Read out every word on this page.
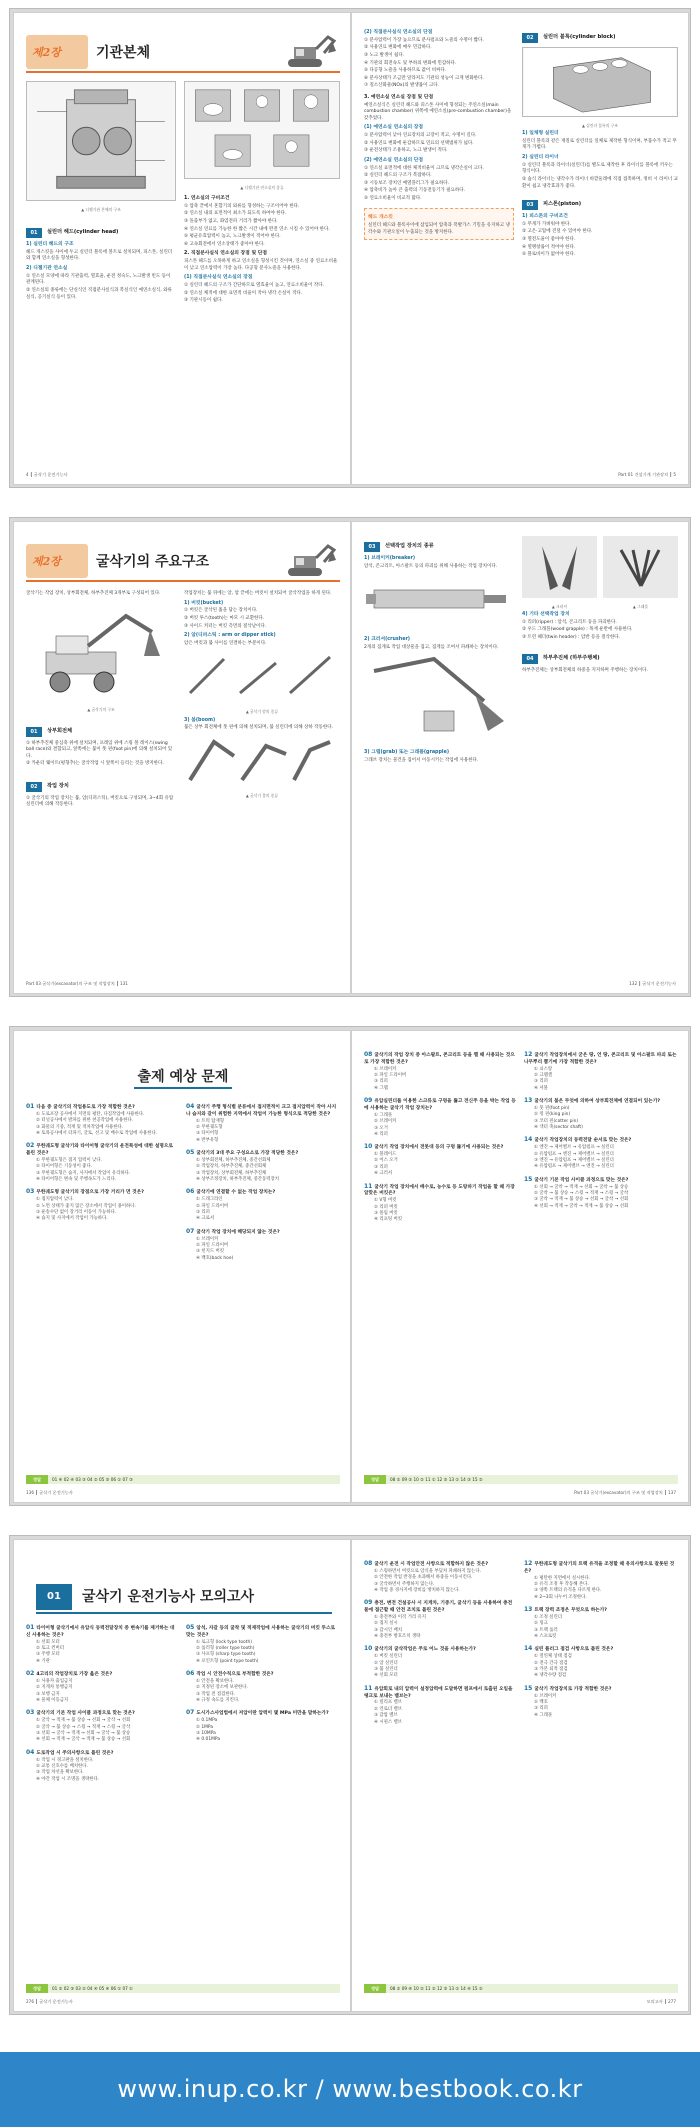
제2장	기관본체
▲ 디젤기관 본체의 구조
01	실린더 헤드(cylinder head)
1) 실린더 헤드의 구조
헤드 개스킷을 사이에 두고 실린더 블록에 볼트로 설치되며, 피스톤, 실린더와 함께 연소실을 형성한다.
2) 디젤기관 연소실
① 연소실 모양에 따라 기관출력, 열효율, 운전 정숙도, 노크발생 빈도 등이 관계된다.
② 연소실의 종류에는 단실식인 직접분사실식과 복실식인 예연소실식, 와류실식, 공기실식 등이 있다.
▲ 디젤기관 연소실의 종류
1. 연소실의 구비조건
① 압축 끝에서 혼합기의 와류를 형성하는 구조이어야 한다.
② 연소실 내의 표면적이 최소가 되도록 하여야 한다.
③ 돌출부가 없고, 화염전파 거리가 짧아야 한다.
④ 연소실 연료를 가능한 한 짧은 시간 내에 완전 연소 시킬 수 있어야 한다.
⑤ 평균유효압력이 높고, 노크발생이 적어야 한다.
⑥ 고속회전에서 연소상태가 좋아야 한다.
2. 직접분사실식 연소실의 장점 및 단점
피스톤 헤드를 오목하게 하고 연소실을 형성시킨 것이며, 연소실 중 연료소비율이 낮고 연소압력이 가장 높다. 다공형 분사노즐을 사용한다.
(1) 직접분사실식 연소실의 장점
① 실린더 헤드의 구조가 간단하므로 열효율이 높고, 연료소비율이 작다.
② 연소실 체적에 대한 표면적 비율이 작아 냉각 손실이 작다.
③ 기관시동이 쉽다.
4 ┃ 굴삭기 운전기능사
(2) 직접분사실식 연소실의 단점
① 분사압력이 가장 높으므로 분사펌프와 노즐의 수명이 짧다.
② 사용연료 변화에 매우 민감하다.
③ 노크 발생이 쉽다.
④ 기관의 회전속도 및 부하의 변화에 민감하다.
⑤ 다공형 노즐을 사용하므로 값이 비싸다.
⑥ 분사상태가 조금만 달라져도 기관의 성능이 크게 변화한다.
⑦ 질소산화물(NOx)의 발생률이 크다.
3. 예연소실 연소실 장점 및 단점
예연소실식은 실린더 헤드와 피스톤 사이에 형성되는 주연소실(main combustion chamber) 위쪽에 예연소실(pre-combustion chamber)을 갖추었다.
(1) 예연소실 연소실의 장점
① 분사압력이 낮아 연료장치의 고장이 적고, 수명이 길다.
② 사용연료 변화에 둔감하므로 연료의 선택범위가 넓다.
③ 운전상태가 조용하고, 노크 발생이 적다.
(2) 예연소실 연소실의 단점
① 연소실 표면적에 대한 체적비율이 크므로 냉각손실이 크다.
② 실린더 헤드의 구조가 복잡하다.
③ 시동보조 장치인 예열플러그가 필요하다.
④ 압축비가 높아 큰 출력의 기동전동기가 필요하다.
⑤ 연료소비율이 비교적 많다.
헤드 개스킷
실린더 헤드와 블록사이에 삽입되어 압축과 폭발가스 기밀을 유지하고 냉각수와 기관오일이 누출되는 것을 방지한다.
02	실린더 블록(cylinder block)
▲ 실린더 블록의 구조
1) 일체형 실린더
실린더 블록과 같은 재질로 실린더를 일체로 제작한 형식이며, 부품수가 적고 무게가 가볍다.
2) 실린더 라이너
① 실린더 블록과 라이너(실린더)를 별도로 제작한 후 라이너를 블록에 끼우는 형식이다.
② 습식 라이너는 냉각수가 라이너 바깥둘레에 직접 접촉하며, 정비 시 라이너 교환이 쉽고 냉각효과가 좋다.
03	피스톤(piston)
1) 피스톤의 구비조건
① 무게가 가벼워야 한다.
② 고온·고압에 견딜 수 있어야 한다.
③ 열전도율이 좋아야 한다.
④ 열팽창률이 적어야 한다.
⑤ 블로바이가 없어야 한다.
Part 01 건설기계 기관장치 ┃ 5
제2장	굴삭기의 주요구조
굴삭기는 작업 장치, 상부회전체, 하부추진체 3개부로 구성되어 있다.
▲ 굴삭기의 구조
01	상부회전체
① 하부추진체 중심축 위에 설치되며, 프레임 위에 스윙 볼 레이스(swing ball race)와 결합되고, 앞쪽에는 붐이 풋 핀(foot pin)에 의해 설치되어 있다.
② 카운터 웨이트(평형추)는 굴삭작업 시 앞쪽이 들리는 것을 방지한다.
02	작업 장치
① 굴삭기의 작업 장치는 붐, 암(디퍼스틱), 버킷으로 구성되며, 3~4회 유압 실린더에 의해 작동한다.
작업장치는 붐 뒤에는 암, 암 끝에는 버킷이 설치되어 굴삭작업을 하게 된다.
1) 버킷(bucket)
① 버킷은 굴삭된 흙을 담는 장치이다.
② 버킷 투스(tooth)는 마모 시 교환한다.
③ 사이드 커터는 버킷 측면의 절삭날이다.
2) 암(디퍼스틱 : arm or dipper stick)
암은 버킷과 붐 사이를 연결하는 부분이다.
▲ 굴삭기 암의 종류
3) 붐(boom)
붐은 상부 회전체에 풋 핀에 의해 설치되며, 붐 실린더에 의해 상하 작동한다.
▲ 굴삭기 붐의 종류
Part 03 굴삭기(excavator)의 구조 및 작업장치 ┃ 131
03	선택작업 장치의 종류
1) 브레이커(breaker)
암석, 콘크리트, 아스팔트 등의 파괴를 위해 사용하는 작업 장치이다.
2) 크러셔(crusher)
2개의 집게로 작업 대상물을 집고, 집게를 조여서 파쇄하는 장치이다.
3) 그랩(grab) 또는 그래플(grapple)
그래브 장치는 물건을 집어서 이동시키는 작업에 사용한다.
▲ 크러셔	▲ 그래플
4) 기타 선택작업 장치
① 리퍼(ripper) : 암석, 콘크리트 등을 파괴한다.
② 우드 그래플(wood grapple) : 목재 운반에 사용한다.
③ 트윈 헤더(twin header) : 암반 등을 절삭한다.
04	하부추진체 (하부주행체)
하부추진체는 상부회전체의 하중을 지지하며 주행하는 장치이다.
132 ┃ 굴삭기 운전기능사
출제 예상 문제
01 다음 중 굴삭기의 작업용도로 가장 적합한 것은?
① 도로포장 공사에서 지면의 평탄, 다짐작업에 사용한다.
② 터널공사에서 발파를 위한 천공작업에 사용한다.
③ 화물의 기중, 적재 및 적차작업에 사용한다.
④ 토목공사에서 터파기, 굴토, 선고 및 배수로 작업에 사용한다.
02 무한궤도형 굴삭기와 타이어형 굴삭기의 운전특성에 대한 설명으로 틀린 것은?
① 무한궤도형은 접지 압력이 낮다.
② 타이어형은 기동성이 좋다.
③ 무한궤도형은 습지, 사지에서 작업이 유리하다.
④ 타이어형은 변속 및 주행속도가 느리다.
03 무한궤도형 굴삭기의 장점으로 가장 거리가 먼 것은?
① 접지압력이 낮다.
② 노면 상태가 좋지 않은 장소에서 작업이 용이하다.
③ 운송수단 없이 장거리 이동이 가능하다.
④ 습지 및 사지에서 작업이 가능하다.
04 굴삭기 주행 형식별 분류에서 접지면적이 크고 접지압력이 작아 사지나 습지와 같이 위험한 지역에서 작업이 가능한 형식으로 적당한 것은?
① 트럭 탑재형
② 무한궤도형
③ 타이어형
④ 반부유형
05 굴삭기의 3대 주요 구성요소로 가장 적당한 것은?
① 상부회전체, 하부추진체, 중간선회체
② 작업장치, 하부추진체, 중간선회체
③ 작업장치, 상부회전체, 하부추진체
④ 상부조정장치, 하부추진체, 중간동력장치
06 굴삭기에 연결할 수 없는 작업 장치는?
① 드래그라인
② 파일 드라이버
③ 리퍼
④ 크로셔
07 굴삭기 작업 장치에 해당되지 않는 것은?
① 브레이커
② 파일 드라이버
③ 힌지드 버킷
④ 백호(back hoe)
정답	01 ④ 02 ④ 03 ③ 04 ② 05 ③ 06 ① 07 ③
136 ┃ 굴삭기 운전기능사
08 굴삭기의 작업 장치 중 아스팔트, 콘크리트 등을 깰 때 사용되는 것으로 가장 적합한 것은?
① 브레이커
② 파일 드라이버
③ 리퍼
④ 그랩
09 유압실린더를 이용한 스크류로 구멍을 뚫고 전신주 등을 박는 작업 등에 사용하는 굴삭기 작업 장치는?
① 그래플
② 브레이커
③ 오거
④ 리퍼
10 굴삭기 작업 장치에서 전봇대 등의 구멍 뚫기에 사용되는 것은?
① 블레이드
② 어스 오거
③ 리퍼
④ 크러셔
11 굴삭기 작업 장치에서 배수로, 농수로 등 도랑파기 작업을 할 때 가장 알맞은 버킷은?
① V형 버킷
② 리퍼 버킷
③ 폴립 버킷
④ 리프팅 버킷
12 굴삭기 작업장치에서 굳은 땅, 언 땅, 콘크리트 및 아스팔트 파괴 또는 나무뿌리 뽑기에 가장 적합한 것은?
① 쇠스랑
② 크램셸
③ 리퍼
④ 셔블
13 굴삭기의 붐은 무엇에 의하여 상부회전체에 연결되어 있는가?
① 풋 핀(foot pin)
② 킹 핀(king pin)
③ 코터 핀(cotter pin)
④ 섹터 축(sector shaft)
14 굴삭기 작업장치의 동력전달 순서로 맞는 것은?
① 엔진 → 제어밸브 → 유압펌프 → 실린더
② 유압펌프 → 엔진 → 제어밸브 → 실린더
③ 엔진 → 유압펌프 → 제어밸브 → 실린더
④ 유압펌프 → 제어밸브 → 엔진 → 실린더
15 굴삭기 기본 작업 사이클 과정으로 맞는 것은?
① 선회 → 굴착 → 적재 → 선회 → 굴착 → 붐 상승
② 굴착 → 붐 상승 → 스윙 → 적재 → 스윙 → 굴착
③ 굴착 → 적재 → 붐 상승 → 선회 → 굴착 → 선회
④ 선회 → 적재 → 굴착 → 적재 → 붐 상승 → 선회
정답	08 ① 09 ③ 10 ② 11 ① 12 ③ 13 ① 14 ③ 15 ②
Part 03 굴삭기(excavator)의 구조 및 작업장치 ┃ 137
01	굴삭기 운전기능사 모의고사
01 타이어형 굴삭기에서 유압식 동력전달장치 중 변속기를 제거하는 대신 사용하는 것은?
① 선회 모터
② 토크 컨버터
③ 주행 모터
④ 기관
02 4고리의 작업장치로 가장 옳은 것은?
① 사용자 출입금지
② 지게차 통행금지
③ 보행 금지
④ 물체 이동금지
03 굴삭기의 기본 작업 사이클 과정으로 맞는 것은?
① 굴삭 → 적재 → 붐 상승 → 선회 → 굴삭 → 선회
② 굴삭 → 붐 상승 → 스윙 → 적재 → 스윙 → 굴삭
③ 선회 → 굴삭 → 적재 → 선회 → 굴삭 → 붐 상승
④ 선회 → 적재 → 굴삭 → 적재 → 붐 상승 → 선회
04 도로작업 시 주의사항으로 틀린 것은?
① 작업 시 경고판을 설치한다.
② 교통 신호수를 배치한다.
③ 작업 차선을 확보한다.
④ 야간 작업 시 조명을 생략한다.
05 암석, 자갈 등의 굴착 및 적재작업에 사용하는 굴삭기의 버킷 투스로 맞는 것은?
① 로크형 (lock type tooth)
② 롤러형 (roller type tooth)
③ 샤프형 (sharp type tooth)
④ 포인트형 (point type tooth)
06 작업 시 안전수칙으로 부적합한 것은?
① 안전을 확보한다.
② 지정된 장소에 보관한다.
③ 작업 전 점검한다.
④ 규정 속도를 지킨다.
07 도시가스사업법에서 저압이란 압력이 몇 MPa 미만을 말하는가?
① 0.1MPa
② 1MPa
③ 10MPa
④ 0.01MPa
정답	01 ② 02 ③ 03 ② 04 ④ 05 ④ 06 ① 07 ①
276 ┃ 굴삭기 운전기능사
08 굴삭기 운전 시 작업안전 사항으로 적합하지 않은 것은?
① 스윙하면서 버킷으로 암석을 부딪쳐 파쇄하지 않는다.
② 안전한 작업 반경을 초과해서 하중을 이동시킨다.
③ 굴삭하면서 주행하지 않는다.
④ 작업 중 경사지에 장비를 방치하지 않는다.
09 충전, 변전 건설공사 시 지게차, 기중기, 굴삭기 등을 사용하여 충전물에 접근할 때 안전 조치로 틀린 것은?
① 충전부와 이격 거리 유지
② 접지 실시
③ 감시인 배치
④ 충전부 방호조치 생략
10 굴삭기의 굴삭작업은 주로 어느 것을 사용하는가?
① 버킷 실린더
② 암 실린더
③ 붐 실린더
④ 선회 모터
11 유압회로 내의 압력이 설정압력에 도달하면 펌프에서 토출된 오일을 탱크로 보내는 밸브는?
① 릴리프 밸브
② 언로더 밸브
③ 감압 밸브
④ 시퀀스 밸브
12 무한궤도형 굴삭기의 트랙 유격을 조정할 때 유의사항으로 잘못된 것은?
① 평탄한 지면에서 실시한다.
② 유격 조정 후 작동해 본다.
③ 양쪽 트랙의 유격을 다르게 한다.
④ 2~3회 나누어 조정한다.
13 트랙 장력 조정은 무엇으로 하는가?
① 조정 실린더
② 링크
③ 트랙 롤러
④ 스프로킷
14 실린 플러그 점검 사항으로 틀린 것은?
① 절연체 상태 점검
② 전극 간극 점검
③ 카본 퇴적 점검
④ 냉각수량 점검
15 굴삭기 작업장치로 가장 적합한 것은?
① 브레이커
② 백호
③ 리퍼
④ 그래플
정답	08 ② 09 ④ 10 ② 11 ② 12 ③ 13 ① 14 ④ 15 ②
모의고사 ┃ 277
www.inup.co.kr / www.bestbook.co.kr
